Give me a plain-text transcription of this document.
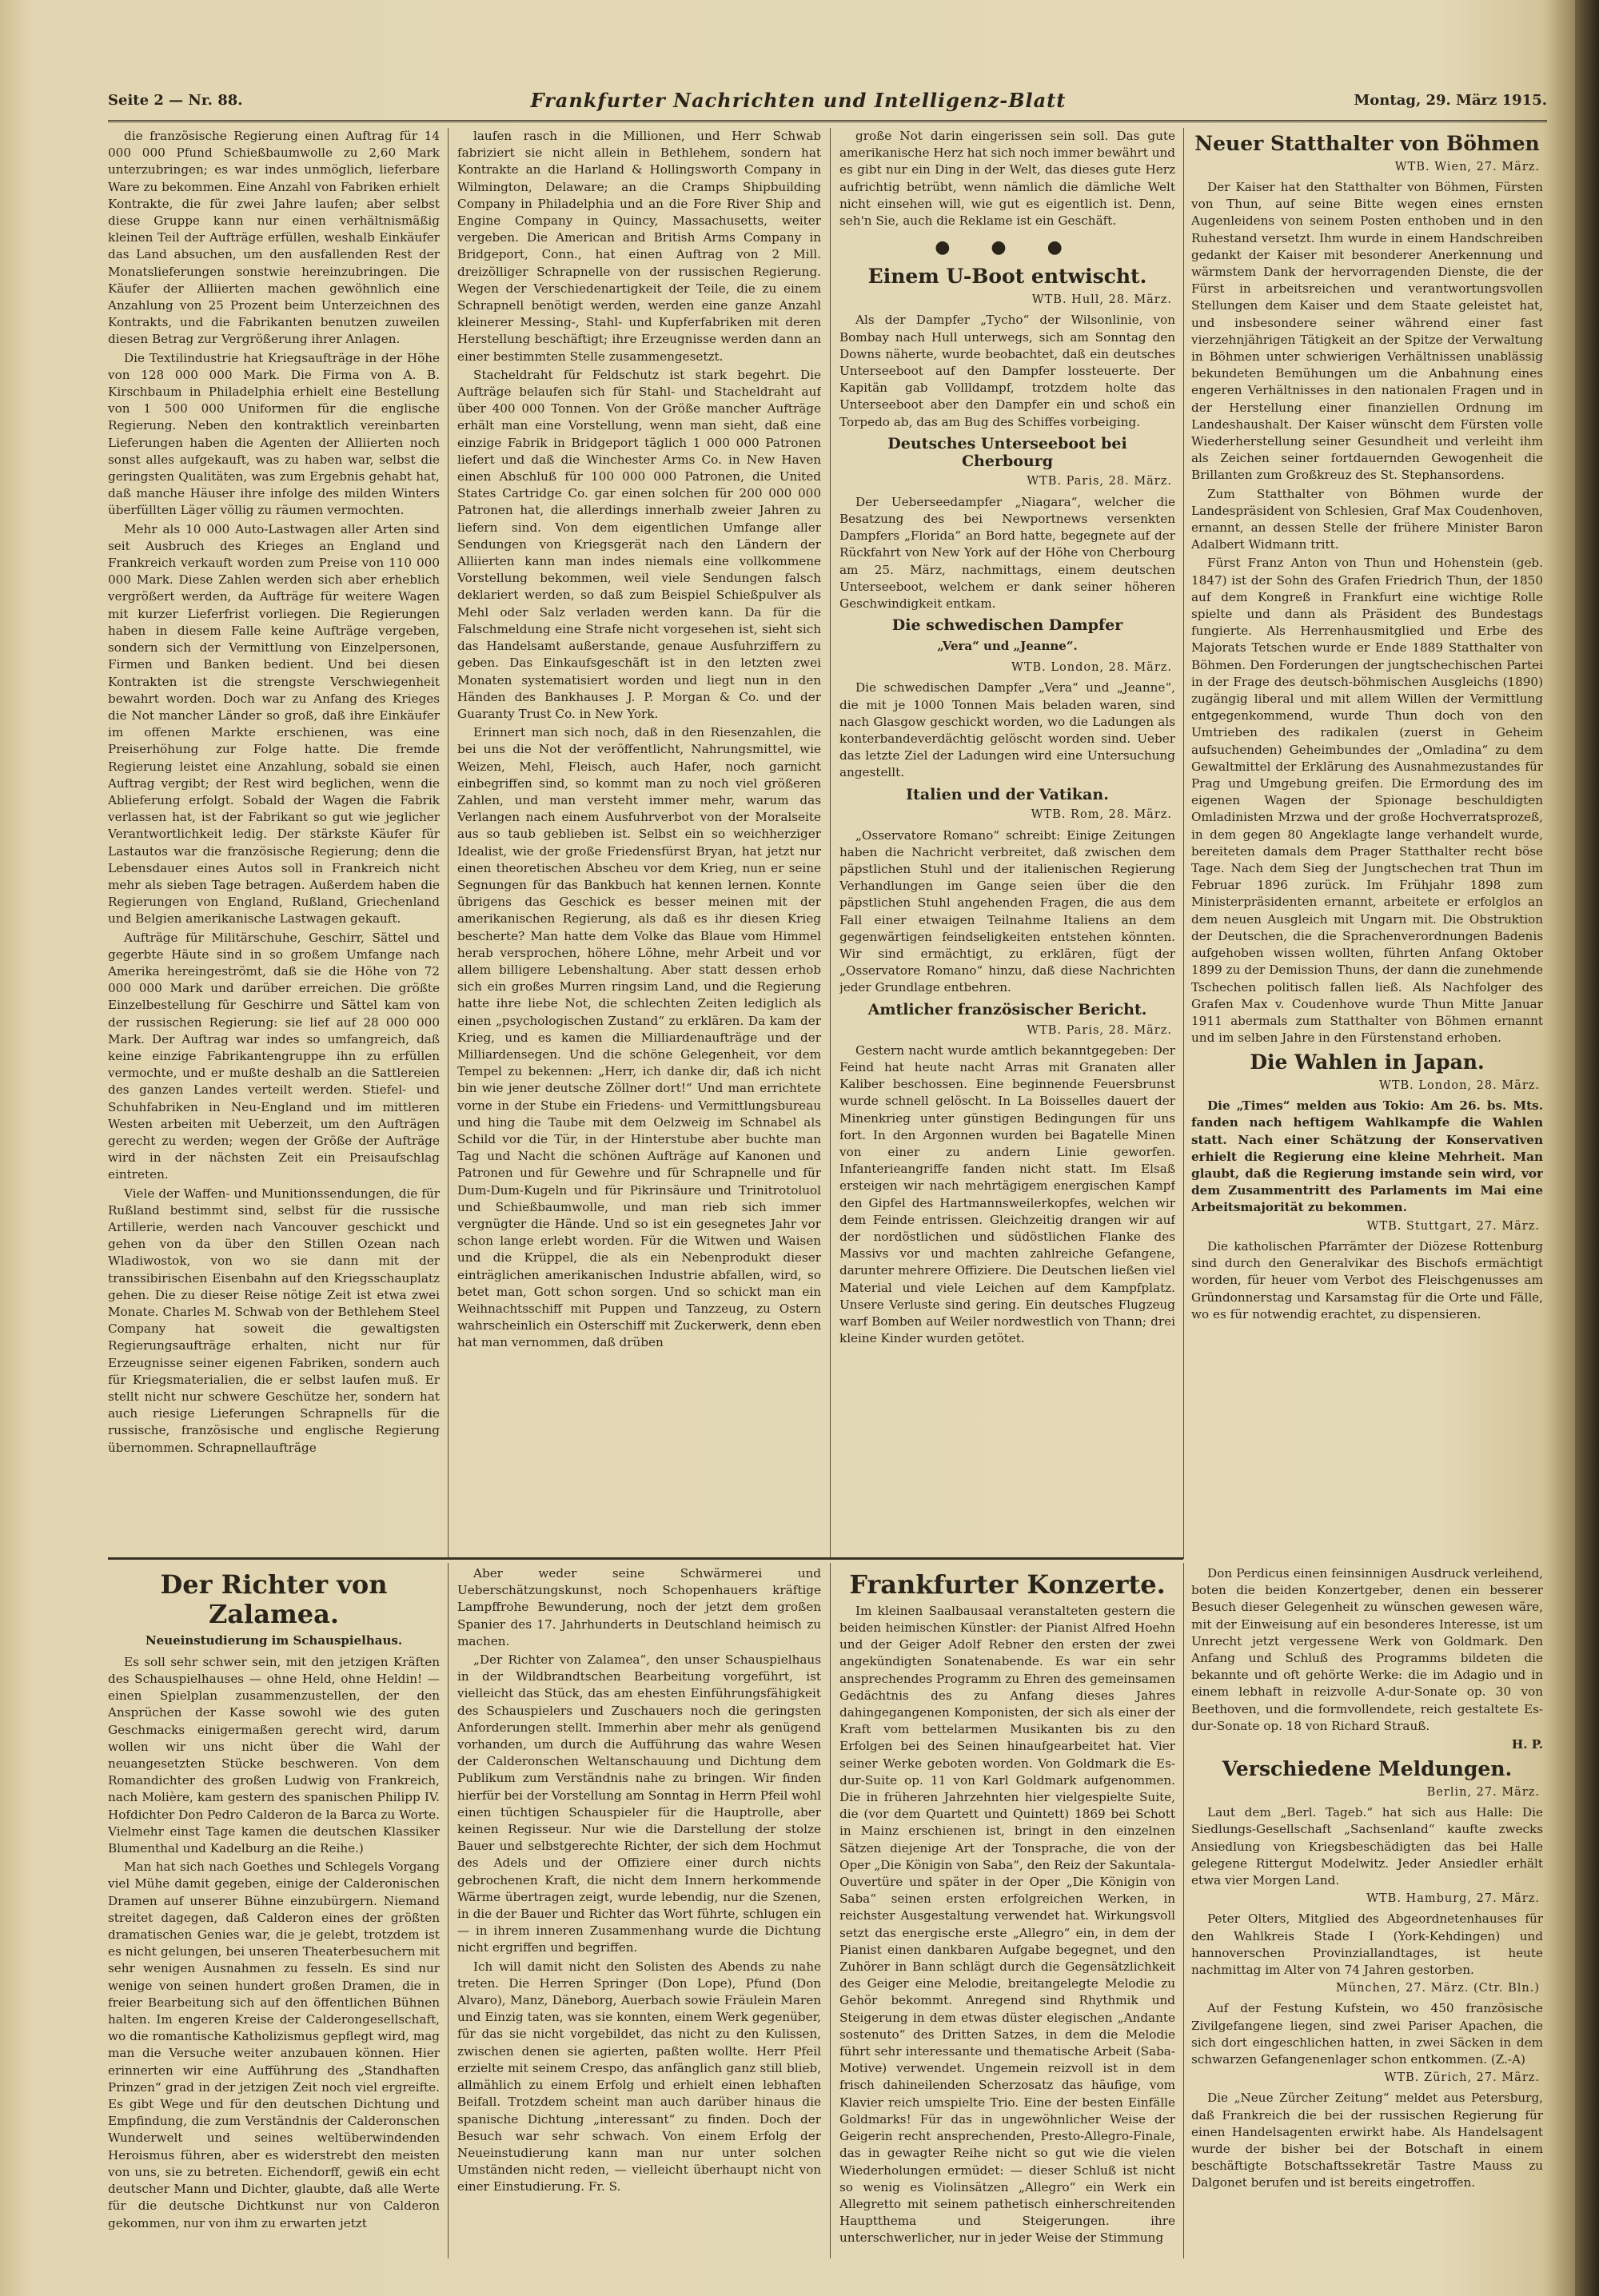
Seite 2 — Nr. 88.	Frankfurter Nachrichten und Intelligenz-Blatt	Montag, 29. März 1915.

die französische Regierung einen Auftrag für 14 000 000 Pfund Schießbaumwolle zu 2,60 Mark unterzubringen; es war indes unmöglich, lieferbare Ware zu bekommen. Eine Anzahl von Fabriken erhielt Kontrakte, die für zwei Jahre laufen; aber selbst diese Gruppe kann nur einen verhältnismäßig kleinen Teil der Aufträge erfüllen, weshalb Einkäufer das Land absuchen, um den ausfallenden Rest der Monatslieferungen sonstwie hereinzubringen. Die Käufer der Alliierten machen gewöhnlich eine Anzahlung von 25 Prozent beim Unterzeichnen des Kontrakts, und die Fabrikanten benutzen zuweilen diesen Betrag zur Vergrößerung ihrer Anlagen.

Die Textilindustrie hat Kriegsaufträge in der Höhe von 128 000 000 Mark. Die Firma von A. B. Kirschbaum in Philadelphia erhielt eine Bestellung von 1 500 000 Uniformen für die englische Regierung. Neben den kontraktlich vereinbarten Lieferungen haben die Agenten der Alliierten noch sonst alles aufgekauft, was zu haben war, selbst die geringsten Qualitäten, was zum Ergebnis gehabt hat, daß manche Häuser ihre infolge des milden Winters überfüllten Läger völlig zu räumen vermochten.

Mehr als 10 000 Auto-Lastwagen aller Arten sind seit Ausbruch des Krieges an England und Frankreich verkauft worden zum Preise von 110 000 000 Mark. Diese Zahlen werden sich aber erheblich vergrößert werden, da Aufträge für weitere Wagen mit kurzer Lieferfrist vorliegen. Die Regierungen haben in diesem Falle keine Aufträge vergeben, sondern sich der Vermittlung von Einzelpersonen, Firmen und Banken bedient. Und bei diesen Kontrakten ist die strengste Verschwiegenheit bewahrt worden. Doch war zu Anfang des Krieges die Not mancher Länder so groß, daß ihre Einkäufer im offenen Markte erschienen, was eine Preiserhöhung zur Folge hatte. Die fremde Regierung leistet eine Anzahlung, sobald sie einen Auftrag vergibt; der Rest wird beglichen, wenn die Ablieferung erfolgt. Sobald der Wagen die Fabrik verlassen hat, ist der Fabrikant so gut wie jeglicher Verantwortlichkeit ledig. Der stärkste Käufer für Lastautos war die französische Regierung; denn die Lebensdauer eines Autos soll in Frankreich nicht mehr als sieben Tage betragen. Außerdem haben die Regierungen von England, Rußland, Griechenland und Belgien amerikanische Lastwagen gekauft.

Aufträge für Militärschuhe, Geschirr, Sättel und gegerbte Häute sind in so großem Umfange nach Amerika hereingeströmt, daß sie die Höhe von 72 000 000 Mark und darüber erreichen. Die größte Einzelbestellung für Geschirre und Sättel kam von der russischen Regierung: sie lief auf 28 000 000 Mark. Der Auftrag war indes so umfangreich, daß keine einzige Fabrikantengruppe ihn zu erfüllen vermochte, und er mußte deshalb an die Sattlereien des ganzen Landes verteilt werden. Stiefel- und Schuhfabriken in Neu-England und im mittleren Westen arbeiten mit Ueberzeit, um den Aufträgen gerecht zu werden; wegen der Größe der Aufträge wird in der nächsten Zeit ein Preisaufschlag eintreten.

Viele der Waffen- und Munitionssendungen, die für Rußland bestimmt sind, selbst für die russische Artillerie, werden nach Vancouver geschickt und gehen von da über den Stillen Ozean nach Wladiwostok, von wo sie dann mit der transsibirischen Eisenbahn auf den Kriegsschauplatz gehen. Die zu dieser Reise nötige Zeit ist etwa zwei Monate. Charles M. Schwab von der Bethlehem Steel Company hat soweit die gewaltigsten Regierungsaufträge erhalten, nicht nur für Erzeugnisse seiner eigenen Fabriken, sondern auch für Kriegsmaterialien, die er selbst laufen muß. Er stellt nicht nur schwere Geschütze her, sondern hat auch riesige Lieferungen Schrapnells für die russische, französische und englische Regierung übernommen. Schrapnellaufträge

laufen rasch in die Millionen, und Herr Schwab fabriziert sie nicht allein in Bethlehem, sondern hat Kontrakte an die Harland & Hollingsworth Company in Wilmington, Delaware; an die Cramps Shipbuilding Company in Philadelphia und an die Fore River Ship and Engine Company in Quincy, Massachusetts, weiter vergeben. Die American and British Arms Company in Bridgeport, Conn., hat einen Auftrag von 2 Mill. dreizölliger Schrapnelle von der russischen Regierung. Wegen der Verschiedenartigkeit der Teile, die zu einem Schrapnell benötigt werden, werden eine ganze Anzahl kleinerer Messing-, Stahl- und Kupferfabriken mit deren Herstellung beschäftigt; ihre Erzeugnisse werden dann an einer bestimmten Stelle zusammengesetzt.

Stacheldraht für Feldschutz ist stark begehrt. Die Aufträge belaufen sich für Stahl- und Stacheldraht auf über 400 000 Tonnen. Von der Größe mancher Aufträge erhält man eine Vorstellung, wenn man sieht, daß eine einzige Fabrik in Bridgeport täglich 1 000 000 Patronen liefert und daß die Winchester Arms Co. in New Haven einen Abschluß für 100 000 000 Patronen, die United States Cartridge Co. gar einen solchen für 200 000 000 Patronen hat, die allerdings innerhalb zweier Jahren zu liefern sind. Von dem eigentlichen Umfange aller Sendungen von Kriegsgerät nach den Ländern der Alliierten kann man indes niemals eine vollkommene Vorstellung bekommen, weil viele Sendungen falsch deklariert werden, so daß zum Beispiel Schießpulver als Mehl oder Salz verladen werden kann. Da für die Falschmeldung eine Strafe nicht vorgesehen ist, sieht sich das Handelsamt außerstande, genaue Ausfuhrziffern zu geben. Das Einkaufsgeschäft ist in den letzten zwei Monaten systematisiert worden und liegt nun in den Händen des Bankhauses J. P. Morgan & Co. und der Guaranty Trust Co. in New York.

Erinnert man sich noch, daß in den Riesenzahlen, die bei uns die Not der veröffentlicht, Nahrungsmittel, wie Weizen, Mehl, Fleisch, auch Hafer, noch garnicht einbegriffen sind, so kommt man zu noch viel größeren Zahlen, und man versteht immer mehr, warum das Verlangen nach einem Ausfuhrverbot von der Moralseite aus so taub geblieben ist. Selbst ein so weichherziger Idealist, wie der große Friedensfürst Bryan, hat jetzt nur einen theoretischen Abscheu vor dem Krieg, nun er seine Segnungen für das Bankbuch hat kennen lernen. Konnte übrigens das Geschick es besser meinen mit der amerikanischen Regierung, als daß es ihr diesen Krieg bescherte? Man hatte dem Volke das Blaue vom Himmel herab versprochen, höhere Löhne, mehr Arbeit und vor allem billigere Lebenshaltung. Aber statt dessen erhob sich ein großes Murren ringsim Land, und die Regierung hatte ihre liebe Not, die schlechten Zeiten lediglich als einen „psychologischen Zustand“ zu erklären. Da kam der Krieg, und es kamen die Milliardenaufträge und der Milliardensegen. Und die schöne Gelegenheit, vor dem Tempel zu bekennen: „Herr, ich danke dir, daß ich nicht bin wie jener deutsche Zöllner dort!“ Und man errichtete vorne in der Stube ein Friedens- und Vermittlungsbureau und hing die Taube mit dem Oelzweig im Schnabel als Schild vor die Tür, in der Hinterstube aber buchte man Tag und Nacht die schönen Aufträge auf Kanonen und Patronen und für Gewehre und für Schrapnelle und für Dum-Dum-Kugeln und für Pikrinsäure und Trinitrotoluol und Schießbaumwolle, und man rieb sich immer vergnügter die Hände. Und so ist ein gesegnetes Jahr vor schon lange erlebt worden. Für die Witwen und Waisen und die Krüppel, die als ein Nebenprodukt dieser einträglichen amerikanischen Industrie abfallen, wird, so betet man, Gott schon sorgen. Und so schickt man ein Weihnachtsschiff mit Puppen und Tanzzeug, zu Ostern wahrscheinlich ein Osterschiff mit Zuckerwerk, denn eben hat man vernommen, daß drüben

große Not darin eingerissen sein soll. Das gute amerikanische Herz hat sich noch immer bewährt und es gibt nur ein Ding in der Welt, das dieses gute Herz aufrichtig betrübt, wenn nämlich die dämliche Welt nicht einsehen will, wie gut es eigentlich ist. Denn, seh'n Sie, auch die Reklame ist ein Geschäft.

● ● ●
Einem U-Boot entwischt.
WTB. Hull, 28. März.

Als der Dampfer „Tycho“ der Wilsonlinie, von Bombay nach Hull unterwegs, sich am Sonntag den Downs näherte, wurde beobachtet, daß ein deutsches Unterseeboot auf den Dampfer lossteuerte. Der Kapitän gab Vollldampf, trotzdem holte das Unterseeboot aber den Dampfer ein und schoß ein Torpedo ab, das am Bug des Schiffes vorbeiging.

Deutsches Unterseeboot bei Cherbourg
WTB. Paris, 28. März.

Der Ueberseedampfer „Niagara“, welcher die Besatzung des bei Newportnews versenkten Dampfers „Florida“ an Bord hatte, begegnete auf der Rückfahrt von New York auf der Höhe von Cherbourg am 25. März, nachmittags, einem deutschen Unterseeboot, welchem er dank seiner höheren Geschwindigkeit entkam.

Die schwedischen Dampfer
„Vera“ und „Jeanne“.
WTB. London, 28. März.

Die schwedischen Dampfer „Vera“ und „Jeanne“, die mit je 1000 Tonnen Mais beladen waren, sind nach Glasgow geschickt worden, wo die Ladungen als konterbandeverdächtig gelöscht worden sind. Ueber das letzte Ziel der Ladungen wird eine Untersuchung angestellt.

Italien und der Vatikan.
WTB. Rom, 28. März.

„Osservatore Romano“ schreibt: Einige Zeitungen haben die Nachricht verbreitet, daß zwischen dem päpstlichen Stuhl und der italienischen Regierung Verhandlungen im Gange seien über die den päpstlichen Stuhl angehenden Fragen, die aus dem Fall einer etwaigen Teilnahme Italiens an dem gegenwärtigen feindseligkeiten entstehen könnten. Wir sind ermächtigt, zu erklären, fügt der „Osservatore Romano“ hinzu, daß diese Nachrichten jeder Grundlage entbehren.

Amtlicher französischer Bericht.
WTB. Paris, 28. März.

Gestern nacht wurde amtlich bekanntgegeben: Der Feind hat heute nacht Arras mit Granaten aller Kaliber beschossen. Eine beginnende Feuersbrunst wurde schnell gelöscht. In La Boisselles dauert der Minenkrieg unter günstigen Bedingungen für uns fort. In den Argonnen wurden bei Bagatelle Minen von einer zu andern Linie geworfen. Infanterieangriffe fanden nicht statt. Im Elsaß ersteigen wir nach mehrtägigem energischen Kampf den Gipfel des Hartmannsweilerkopfes, welchen wir dem Feinde entrissen. Gleichzeitig drangen wir auf der nordöstlichen und südöstlichen Flanke des Massivs vor und machten zahlreiche Gefangene, darunter mehrere Offiziere. Die Deutschen ließen viel Material und viele Leichen auf dem Kampfplatz. Unsere Verluste sind gering. Ein deutsches Flugzeug warf Bomben auf Weiler nordwestlich von Thann; drei kleine Kinder wurden getötet.

Neuer Statthalter von Böhmen
WTB. Wien, 27. März.

Der Kaiser hat den Statthalter von Böhmen, Fürsten von Thun, auf seine Bitte wegen eines ernsten Augenleidens von seinem Posten enthoben und in den Ruhestand versetzt. Ihm wurde in einem Handschreiben gedankt der Kaiser mit besonderer Anerkennung und wärmstem Dank der hervorragenden Dienste, die der Fürst in arbeitsreichen und verantwortungsvollen Stellungen dem Kaiser und dem Staate geleistet hat, und insbesondere seiner während einer fast vierzehnjährigen Tätigkeit an der Spitze der Verwaltung in Böhmen unter schwierigen Verhältnissen unablässig bekundeten Bemühungen um die Anbahnung eines engeren Verhältnisses in den nationalen Fragen und in der Herstellung einer finanziellen Ordnung im Landeshaushalt. Der Kaiser wünscht dem Fürsten volle Wiederherstellung seiner Gesundheit und verleiht ihm als Zeichen seiner fortdauernden Gewogenheit die Brillanten zum Großkreuz des St. Stephansordens.

Zum Statthalter von Böhmen wurde der Landespräsident von Schlesien, Graf Max Coudenhoven, ernannt, an dessen Stelle der frühere Minister Baron Adalbert Widmann tritt.

Fürst Franz Anton von Thun und Hohenstein (geb. 1847) ist der Sohn des Grafen Friedrich Thun, der 1850 auf dem Kongreß in Frankfurt eine wichtige Rolle spielte und dann als Präsident des Bundestags fungierte. Als Herrenhausmitglied und Erbe des Majorats Tetschen wurde er Ende 1889 Statthalter von Böhmen. Den Forderungen der jungtschechischen Partei in der Frage des deutsch-böhmischen Ausgleichs (1890) zugängig liberal und mit allem Willen der Vermittlung entgegenkommend, wurde Thun doch von den Umtrieben des radikalen (zuerst in Geheim aufsuchenden) Geheimbundes der „Omladina“ zu dem Gewaltmittel der Erklärung des Ausnahmezustandes für Prag und Umgebung greifen. Die Ermordung des im eigenen Wagen der Spionage beschuldigten Omladinisten Mrzwa und der große Hochverratsprozeß, in dem gegen 80 Angeklagte lange verhandelt wurde, bereiteten damals dem Prager Statthalter recht böse Tage. Nach dem Sieg der Jungtschechen trat Thun im Februar 1896 zurück. Im Frühjahr 1898 zum Ministerpräsidenten ernannt, arbeitete er erfolglos an dem neuen Ausgleich mit Ungarn mit. Die Obstruktion der Deutschen, die die Sprachenverordnungen Badenis aufgehoben wissen wollten, führten Anfang Oktober 1899 zu der Demission Thuns, der dann die zunehmende Tschechen politisch fallen ließ. Als Nachfolger des Grafen Max v. Coudenhove wurde Thun Mitte Januar 1911 abermals zum Statthalter von Böhmen ernannt und im selben Jahre in den Fürstenstand erhoben.

Die Wahlen in Japan.
WTB. London, 28. März.

Die „Times“ melden aus Tokio: Am 26. bs. Mts. fanden nach heftigem Wahlkampfe die Wahlen statt. Nach einer Schätzung der Konservativen erhielt die Regierung eine kleine Mehrheit. Man glaubt, daß die Regierung imstande sein wird, vor dem Zusammentritt des Parlaments im Mai eine Arbeitsmajorität zu bekommen.

WTB. Stuttgart, 27. März.

Die katholischen Pfarrämter der Diözese Rottenburg sind durch den Generalvikar des Bischofs ermächtigt worden, für heuer vom Verbot des Fleischgenusses am Gründonnerstag und Karsamstag für die Orte und Fälle, wo es für notwendig erachtet, zu dispensieren.

Der Richter von Zalamea.
Neueinstudierung im Schauspielhaus.

Es soll sehr schwer sein, mit den jetzigen Kräften des Schauspielhauses — ohne Held, ohne Heldin! — einen Spielplan zusammenzustellen, der den Ansprüchen der Kasse sowohl wie des guten Geschmacks einigermaßen gerecht wird, darum wollen wir uns nicht über die Wahl der neuangesetzten Stücke beschweren. Von dem Romandichter des großen Ludwig von Frankreich, nach Molière, kam gestern des spanischen Philipp IV. Hofdichter Don Pedro Calderon de la Barca zu Worte. Vielmehr einst Tage kamen die deutschen Klassiker Blumenthal und Kadelburg an die Reihe.)

Man hat sich nach Goethes und Schlegels Vorgang viel Mühe damit gegeben, einige der Calderonischen Dramen auf unserer Bühne einzubürgern. Niemand streitet dagegen, daß Calderon eines der größten dramatischen Genies war, die je gelebt, trotzdem ist es nicht gelungen, bei unseren Theaterbesuchern mit sehr wenigen Ausnahmen zu fesseln. Es sind nur wenige von seinen hundert großen Dramen, die in freier Bearbeitung sich auf den öffentlichen Bühnen halten. Im engeren Kreise der Calderongesellschaft, wo die romantische Katholizismus gepflegt wird, mag man die Versuche weiter anzubauen können. Hier erinnerten wir eine Aufführung des „Standhaften Prinzen“ grad in der jetzigen Zeit noch viel ergreifte. Es gibt Wege und für den deutschen Dichtung und Empfindung, die zum Verständnis der Calderonschen Wunderwelt und seines weltüberwindenden Heroismus führen, aber es widerstrebt den meisten von uns, sie zu betreten. Eichendorff, gewiß ein echt deutscher Mann und Dichter, glaubte, daß alle Werte für die deutsche Dichtkunst nur von Calderon gekommen, nur von ihm zu erwarten jetzt

Aber weder seine Schwärmerei und Ueberschätzungskunst, noch Schopenhauers kräftige Lampffrohe Bewunderung, noch der jetzt dem großen Spanier des 17. Jahrhunderts in Deutschland heimisch zu machen.

„Der Richter von Zalamea“, den unser Schauspielhaus in der Wildbrandtschen Bearbeitung vorgeführt, ist vielleicht das Stück, das am ehesten Einführungsfähigkeit des Schauspielers und Zuschauers noch die geringsten Anforderungen stellt. Immerhin aber mehr als genügend vorhanden, um durch die Aufführung das wahre Wesen der Calderonschen Weltanschauung und Dichtung dem Publikum zum Verständnis nahe zu bringen. Wir finden hierfür bei der Vorstellung am Sonntag in Herrn Pfeil wohl einen tüchtigen Schauspieler für die Hauptrolle, aber keinen Regisseur. Nur wie die Darstellung der stolze Bauer und selbstgerechte Richter, der sich dem Hochmut des Adels und der Offiziere einer durch nichts gebrochenen Kraft, die nicht dem Innern herkommende Wärme übertragen zeigt, wurde lebendig, nur die Szenen, in die der Bauer und Richter das Wort führte, schlugen ein — in ihrem inneren Zusammenhang wurde die Dichtung nicht ergriffen und begriffen.

Ich will damit nicht den Solisten des Abends zu nahe treten. Die Herren Springer (Don Lope), Pfund (Don Alvaro), Manz, Däneborg, Auerbach sowie Fräulein Maren und Einzig taten, was sie konnten, einem Werk gegenüber, für das sie nicht vorgebildet, das nicht zu den Kulissen, zwischen denen sie agierten, paßten wollte. Herr Pfeil erzielte mit seinem Crespo, das anfänglich ganz still blieb, allmählich zu einem Erfolg und erhielt einen lebhaften Beifall. Trotzdem scheint man auch darüber hinaus die spanische Dichtung „interessant“ zu finden. Doch der Besuch war sehr schwach. Von einem Erfolg der Neueinstudierung kann man nur unter solchen Umständen nicht reden, — vielleicht überhaupt nicht von einer Einstudierung. Fr. S.

Frankfurter Konzerte.

Im kleinen Saalbausaal veranstalteten gestern die beiden heimischen Künstler: der Pianist Alfred Hoehn und der Geiger Adolf Rebner den ersten der zwei angekündigten Sonatenabende. Es war ein sehr ansprechendes Programm zu Ehren des gemeinsamen Gedächtnis des zu Anfang dieses Jahres dahingegangenen Komponisten, der sich als einer der Kraft vom bettelarmen Musikanten bis zu den Erfolgen bei des Seinen hinaufgearbeitet hat. Vier seiner Werke geboten worden. Von Goldmark die Es-dur-Suite op. 11 von Karl Goldmark aufgenommen. Die in früheren Jahrzehnten hier vielgespielte Suite, die (vor dem Quartett und Quintett) 1869 bei Schott in Mainz erschienen ist, bringt in den einzelnen Sätzen diejenige Art der Tonsprache, die von der Oper „Die Königin von Saba“, den Reiz der Sakuntala-Ouvertüre und später in der Oper „Die Königin von Saba“ seinen ersten erfolgreichen Werken, in reichster Ausgestaltung verwendet hat. Wirkungsvoll setzt das energische erste „Allegro“ ein, in dem der Pianist einen dankbaren Aufgabe begegnet, und den Zuhörer in Bann schlägt durch die Gegensätzlichkeit des Geiger eine Melodie, breitangelegte Melodie zu Gehör bekommt. Anregend sind Rhythmik und Steigerung in dem etwas düster elegischen „Andante sostenuto“ des Dritten Satzes, in dem die Melodie führt sehr interessante und thematische Arbeit (Saba-Motive) verwendet. Ungemein reizvoll ist in dem frisch dahineilenden Scherzosatz das häufige, vom Klavier reich umspielte Trio. Eine der besten Einfälle Goldmarks! Für das in ungewöhnlicher Weise der Geigerin recht ansprechenden, Presto-Allegro-Finale, das in gewagter Reihe nicht so gut wie die vielen Wiederholungen ermüdet: — dieser Schluß ist nicht so wenig es Violinsätzen „Allegro“ ein Werk ein Allegretto mit seinem pathetisch einherschreitenden Hauptthema und Steigerungen. ihre unterschwerlicher, nur in jeder Weise der Stimmung

Don Perdicus einen feinsinnigen Ausdruck verleihend, boten die beiden Konzertgeber, denen ein besserer Besuch dieser Gelegenheit zu wünschen gewesen wäre, mit der Einweisung auf ein besonderes Interesse, ist um Unrecht jetzt vergessene Werk von Goldmark. Den Anfang und Schluß des Programms bildeten die bekannte und oft gehörte Werke: die im Adagio und in einem lebhaft in reizvolle A-dur-Sonate op. 30 von Beethoven, und die formvollendete, reich gestaltete Es-dur-Sonate op. 18 von Richard Strauß.

H. P.
Verschiedene Meldungen.
Berlin, 27. März.

Laut dem „Berl. Tageb.“ hat sich aus Halle: Die Siedlungs-Gesellschaft „Sachsenland“ kaufte zwecks Ansiedlung von Kriegsbeschädigten das bei Halle gelegene Rittergut Modelwitz. Jeder Ansiedler erhält etwa vier Morgen Land.

WTB. Hamburg, 27. März.

Peter Olters, Mitglied des Abgeordnetenhauses für den Wahlkreis Stade I (York-Kehdingen) und hannoverschen Provinziallandtages, ist heute nachmittag im Alter von 74 Jahren gestorben.

München, 27. März. (Ctr. Bln.)

Auf der Festung Kufstein, wo 450 französische Zivilgefangene liegen, sind zwei Pariser Apachen, die sich dort eingeschlichen hatten, in zwei Säcken in dem schwarzen Gefangenenlager schon entkommen. (Z.-A)

WTB. Zürich, 27. März.

Die „Neue Zürcher Zeitung“ meldet aus Petersburg, daß Frankreich die bei der russischen Regierung für einen Handelsagenten erwirkt habe. Als Handelsagent wurde der bisher bei der Botschaft in einem beschäftigte Botschaftssekretär Tastre Mauss zu Dalgonet berufen und ist bereits eingetroffen.
